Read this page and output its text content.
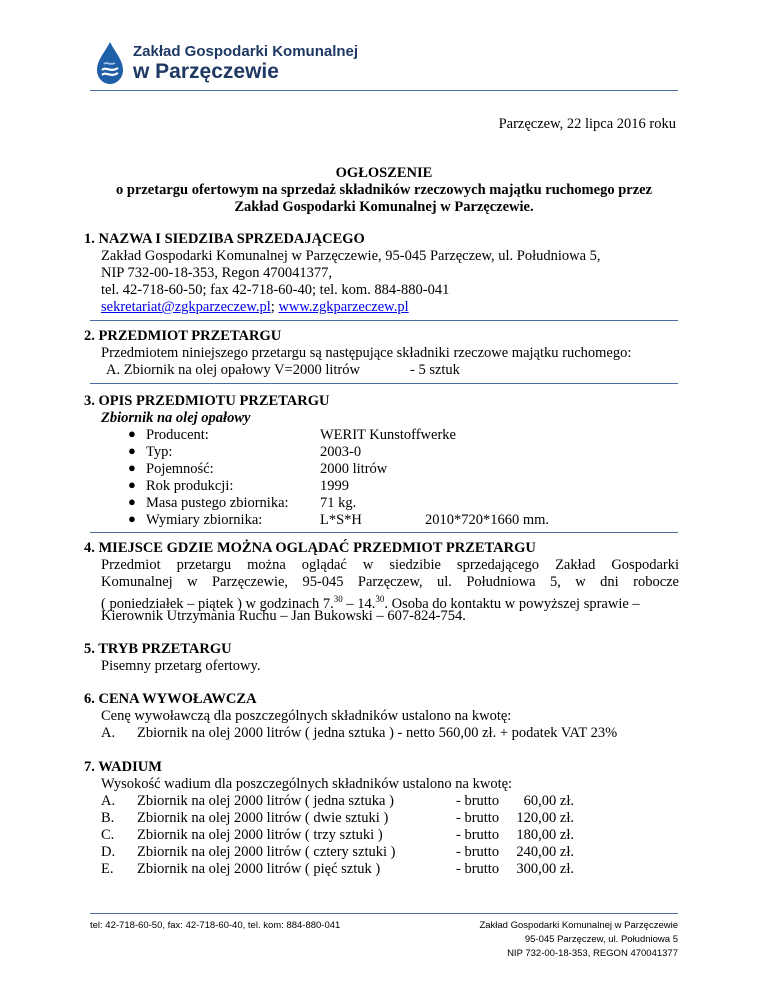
Zakład Gospodarki Komunalnej
w Parzęczewie
Parzęczew, 22 lipca 2016 roku
OGŁOSZENIE
o przetargu ofertowym na sprzedaż składników rzeczowych majątku ruchomego przez
Zakład Gospodarki Komunalnej w Parzęczewie.
1. NAZWA I SIEDZIBA SPRZEDAJĄCEGO
Zakład Gospodarki Komunalnej w Parzęczewie, 95-045 Parzęczew, ul. Południowa 5,
NIP 732-00-18-353, Regon 470041377,
tel. 42-718-60-50; fax 42-718-60-40; tel. kom. 884-880-041
sekretariat@zgkparzeczew.pl; www.zgkparzeczew.pl
2. PRZEDMIOT PRZETARGU
Przedmiotem niniejszego przetargu są następujące składniki rzeczowe majątku ruchomego:
A. Zbiornik na olej opałowy V=2000 litrów	- 5 sztuk
3. OPIS PRZEDMIOTU PRZETARGU
Zbiornik na olej opałowy
● Producent:	WERIT Kunstoffwerke
● Typ:	2003-0
● Pojemność:	2000 litrów
● Rok produkcji:	1999
● Masa pustego zbiornika: 71 kg.
● Wymiary zbiornika:	L*S*H	2010*720*1660 mm.
4. MIEJSCE GDZIE MOŻNA OGLĄDAĆ PRZEDMIOT PRZETARGU
Przedmiot przetargu można oglądać w siedzibie sprzedającego Zakład Gospodarki
Komunalnej w Parzęczewie, 95-045 Parzęczew, ul. Południowa 5, w dni robocze
( poniedziałek – piątek ) w godzinach 7.30 – 14.30. Osoba do kontaktu w powyższej sprawie –
Kierownik Utrzymania Ruchu – Jan Bukowski – 607-824-754.
5. TRYB PRZETARGU
Pisemny przetarg ofertowy.
6. CENA WYWOŁAWCZA
Cenę wywoławczą dla poszczególnych składników ustalono na kwotę:
A. Zbiornik na olej 2000 litrów ( jedna sztuka ) - netto 560,00 zł. + podatek VAT 23%
7. WADIUM
Wysokość wadium dla poszczególnych składników ustalono na kwotę:
A. Zbiornik na olej 2000 litrów ( jedna sztuka )	- brutto	60,00 zł.
B. Zbiornik na olej 2000 litrów ( dwie sztuki )	- brutto 120,00 zł.
C. Zbiornik na olej 2000 litrów ( trzy sztuki )	- brutto 180,00 zł.
D. Zbiornik na olej 2000 litrów ( cztery sztuki )	- brutto 240,00 zł.
E. Zbiornik na olej 2000 litrów ( pięć sztuk )	- brutto 300,00 zł.
tel: 42-718-60-50, fax: 42-718-60-40, tel. kom: 884-880-041	Zakład Gospodarki Komunalnej w Parzęczewie
95-045 Parzęczew, ul. Południowa 5
NIP 732-00-18-353, REGON 470041377
